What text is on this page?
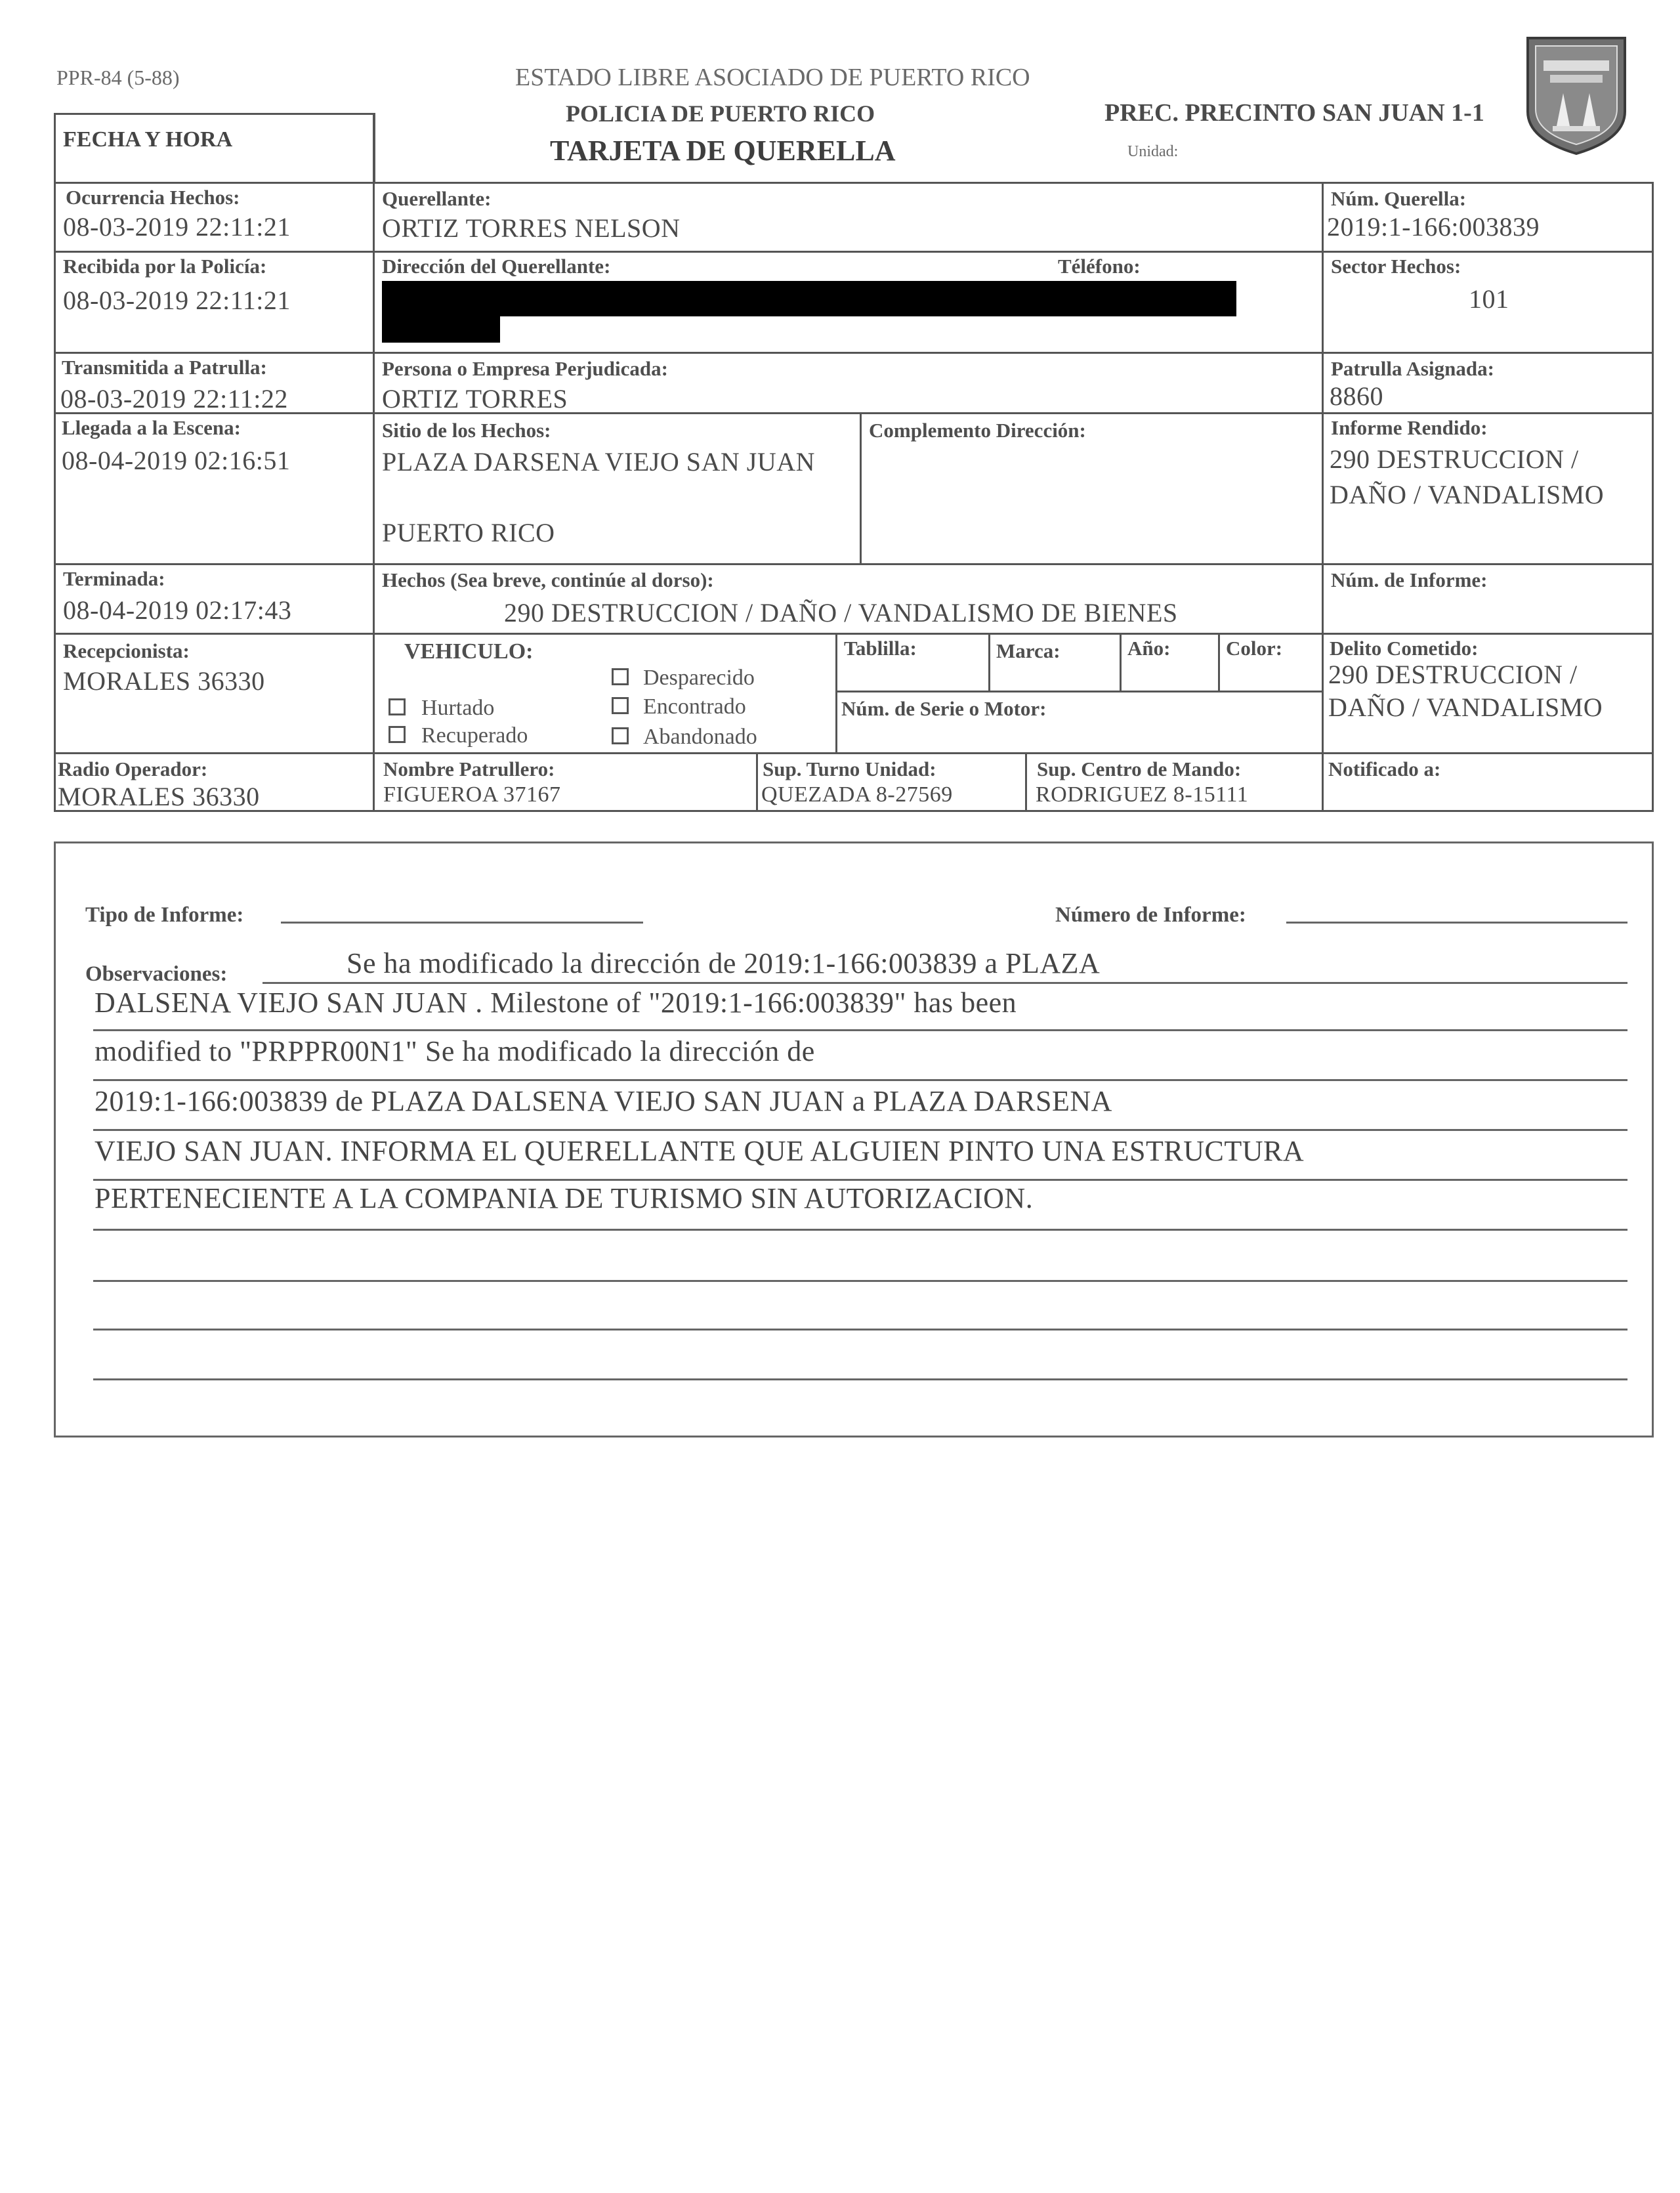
PPR-84 (5-88)	ESTADO LIBRE ASOCIADO DE PUERTO RICO
POLICIA DE PUERTO RICO
TARJETA DE QUERELLA
PREC. PRECINTO SAN JUAN 1-1
Unidad:
FECHA Y HORA
Ocurrencia Hechos:
08-03-2019 22:11:21
Recibida por la Policía:
08-03-2019 22:11:21
Transmitida a Patrulla:
08-03-2019 22:11:22
Llegada a la Escena:
08-04-2019 02:16:51
Terminada:
08-04-2019 02:17:43
Recepcionista:
MORALES 36330
Radio Operador:
MORALES 36330
Querellante:
ORTIZ TORRES NELSON
Dirección del Querellante:	Téléfono:
Persona o Empresa Perjudicada:
ORTIZ TORRES
Sitio de los Hechos:
PLAZA DARSENA VIEJO SAN JUAN
PUERTO RICO
Complemento Dirección:
Hechos (Sea breve, continúe al dorso):
290 DESTRUCCION / DAÑO / VANDALISMO DE BIENES
VEHICULO:
Hurtado
Recuperado
Desparecido
Encontrado
Abandonado
Tablilla:	Marca:	Año:	Color:
Núm. de Serie o Motor:
Nombre Patrullero:
FIGUEROA 37167
Sup. Turno Unidad:
QUEZADA 8-27569
Sup. Centro de Mando:
RODRIGUEZ 8-15111
Núm. Querella:
2019:1-166:003839
Sector Hechos:
101
Patrulla Asignada:
8860
Informe Rendido:
290 DESTRUCCION /
DAÑO / VANDALISMO
Núm. de Informe:
Delito Cometido:
290 DESTRUCCION /
DAÑO / VANDALISMO
Notificado a:
Tipo de Informe:	Número de Informe:
Observaciones:	Se ha modificado la dirección de 2019:1-166:003839 a PLAZA
DALSENA VIEJO SAN JUAN . Milestone of "2019:1-166:003839" has been
modified to "PRPPR00N1" Se ha modificado la dirección de
2019:1-166:003839 de PLAZA DALSENA VIEJO SAN JUAN a PLAZA DARSENA
VIEJO SAN JUAN. INFORMA EL QUERELLANTE QUE ALGUIEN PINTO UNA ESTRUCTURA
PERTENECIENTE A LA COMPANIA DE TURISMO SIN AUTORIZACION.
